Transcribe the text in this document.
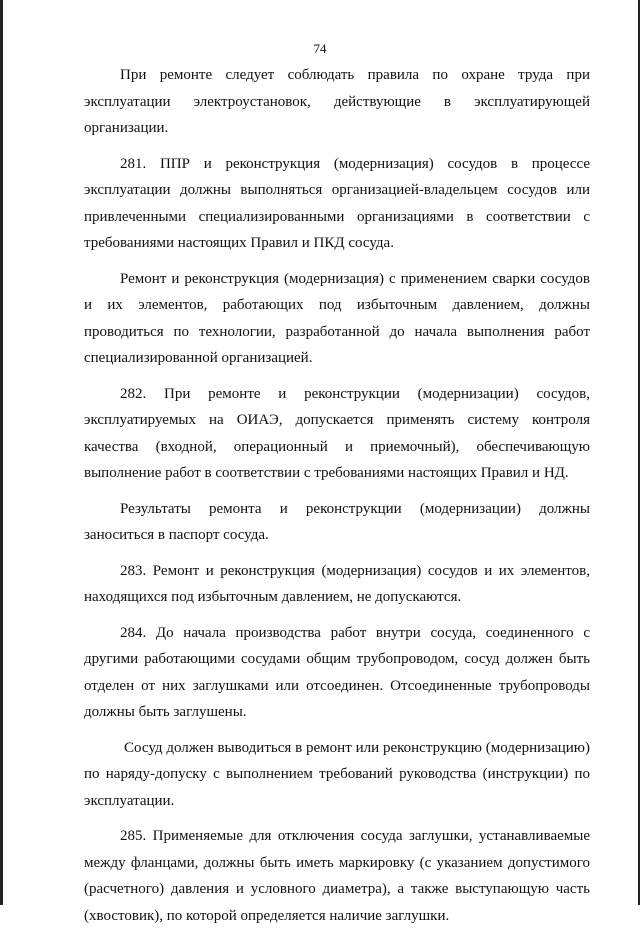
74

При ремонте следует соблюдать правила по охране труда при эксплуатации электроустановок, действующие в эксплуатирующей организации.

281. ППР и реконструкция (модернизация) сосудов в процессе эксплуатации должны выполняться организацией-владельцем сосудов или привлеченными специализированными организациями в соответствии с требованиями настоящих Правил и ПКД сосуда.

Ремонт и реконструкция (модернизация) с применением сварки сосудов и их элементов, работающих под избыточным давлением, должны проводиться по технологии, разработанной до начала выполнения работ специализированной организацией.

282. При ремонте и реконструкции (модернизации) сосудов, эксплуатируемых на ОИАЭ, допускается применять систему контроля качества (входной, операционный и приемочный), обеспечивающую выполнение работ в соответствии с требованиями настоящих Правил и НД.

Результаты ремонта и реконструкции (модернизации) должны заноситься в паспорт сосуда.

283. Ремонт и реконструкция (модернизация) сосудов и их элементов, находящихся под избыточным давлением, не допускаются.

284. До начала производства работ внутри сосуда, соединенного с другими работающими сосудами общим трубопроводом, сосуд должен быть отделен от них заглушками или отсоединен. Отсоединенные трубопроводы должны быть заглушены.

Сосуд должен выводиться в ремонт или реконструкцию (модернизацию) по наряду-допуску с выполнением требований руководства (инструкции) по эксплуатации.

285. Применяемые для отключения сосуда заглушки, устанавливаемые между фланцами, должны быть иметь маркировку (с указанием допустимого (расчетного) давления и условного диаметра), а также выступающую часть (хвостовик), по которой определяется наличие заглушки.
